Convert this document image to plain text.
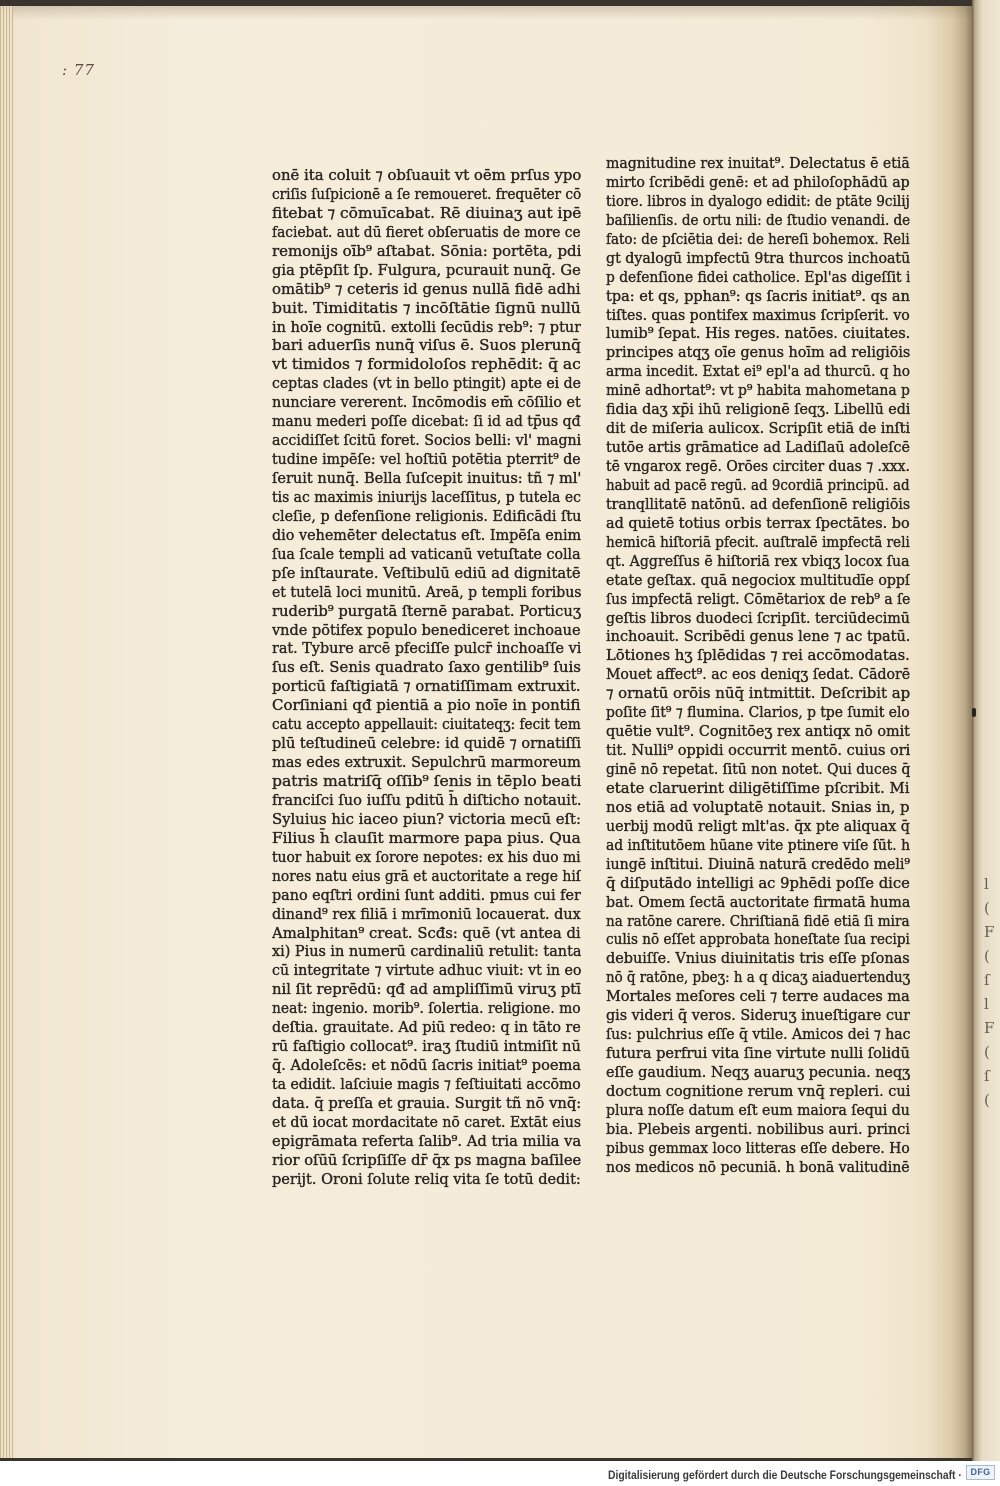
: 77
onē ita coluit ⁊ obſuauit vt oēm prſus ypo
criſis ſuſpicionē a ſe remoueret. frequēter cō
fitebat ⁊ cōmuīcabat. Rē diuinaʒ aut ipē
faciebat. aut dū fieret obſeruatis de more ce
remonijs oīb⁹ aſtabat. Sōnia: portēta, pdi
gia ptēpſit ſp. Fulgura, pcurauit nunq̄. Ge
omātib⁹ ⁊ ceteris id genus nullā fidē adhi
buit. Timiditatis ⁊ incōſtātie ſignū nullū
in hoīe cognitū. extolli ſecūdis reb⁹: ⁊ ptur
bari aduerſis nunq̄ viſus ē. Suos plerunq̄
vt timidos ⁊ formidoloſos rephēdit: q̄ ac
ceptas clades (vt in bello ptingit) apte ei de
nunciare vererent. Incōmodis em̄ cōſilio et
manu mederi poſſe dicebat: ſi id ad tp̄us qđ
accidiſſet ſcitū foret. Socios belli: vl' magni
tudine impēſe: vel hoſtiū potētia pterrit⁹ de
ſeruit nunq̄. Bella ſuſcepit inuitus: tñ ⁊ ml'
tis ac maximis iniurijs laceſſitus, p tutela ec
cleſie, p defenſione religionis. Edificādi ſtu
dio vehemēter delectatus eſt. Impēſa enim
ſua ſcale templi ad vaticanū vetuſtate colla
pſe inſtaurate. Veſtibulū ediū ad dignitatē
et tutelā loci munitū. Areā, p templi foribus
ruderib⁹ purgatā ſternē parabat. Porticuʒ
vnde pōtifex populo benediceret inchoaue
rat. Tybure arcē pfeciſſe pulcr̄ inchoaſſe vi
ſus eſt. Senis quadrato ſaxo gentilib⁹ ſuis
porticū faſtigiatā ⁊ ornatiſſimam extruxit.
Corſiniani qđ pientiā a pio noīe in pontifi
catu accepto appellauit: ciuitateqʒ: fecit tem
plū teſtudineū celebre: id quidē ⁊ ornatiſſi
mas edes extruxit. Sepulchrū marmoreum
patris matriſq̄ oſſib⁹ ſenis in tēplo beati
franciſci ſuo iuſſu pditū h̄ diſticho notauit.
Syluius hic iaceo piun? victoria mecū eſt:
Filius h̄ clauſit marmore papa pius. Qua
tuor habuit ex ſorore nepotes: ex his duo mi
nores natu eius grā et auctoritate a rege hiſ
pano eqſtri ordini ſunt additi. pmus cui fer
dinand⁹ rex filiā i mrīmoniū locauerat. dux
Amalphitan⁹ creat. Scđs: quē (vt antea di
xi) Pius in numerū cardinaliū retulit: tanta
cū integritate ⁊ virtute adhuc viuit: vt in eo
nil ſit reprēdū: qđ ad ampliſſimū viruʒ ptī
neat: ingenio. morib⁹. ſolertia. religione. mo
deſtia. grauitate. Ad piū redeo: q in tāto re
rū faſtigio collocat⁹. iraʒ ſtudiū intmiſit nū
q̄. Adoleſcēs: et nōdū ſacris initiat⁹ poema
ta edidit. laſciuie magis ⁊ feſtiuitati accōmo
data. q̄ preſſa et grauia. Surgit tñ nō vnq̄:
et dū iocat mordacitate nō caret. Extāt eius
epigrāmata referta ſalib⁹. Ad tria milia va
rior oſūū ſcripſiſſe dr̄ q̄x ps magna baſilee
perijt. Oroni ſolute reliq vita ſe totū dedit:
magnitudine rex inuitat⁹. Delectatus ē etiā
mirto ſcribēdi genē: et ad philoſophādū ap
tiore. libros in dyalogo edidit: de ptāte 9cilij
baſilienſis. de ortu nili: de ſtudio venandi. de
fato: de pſciētia dei: de hereſi bohemox. Reli
gt dyalogū impfectū 9tra thurcos inchoatū
p defenſione fidei catholice. Epl'as digeſſit i
tpa: et qs, pphan⁹: qs ſacris initiat⁹. qs an
tiſtes. quas pontifex maximus ſcripſerit. vo
lumib⁹ ſepat. His reges. natōes. ciuitates.
principes atqʒ oīe genus hoīm ad religiōis
arma incedit. Extat ei⁹ epl'a ad thurcū. q ho
minē adhortat⁹: vt p⁹ habita mahometana p
fidia daʒ xp̄i ihū religionē ſeqʒ. Libellū edi
dit de miſeria aulicox. Scripſit etiā de inſti
tutōe artis grāmatice ad Ladiſlaū adoleſcē
tē vngarox regē. Orōes circiter duas ⁊ .xxx.
habuit ad pacē regū. ad 9cordiā principū. ad
tranqllitatē natōnū. ad defenſionē religiōis
ad quietē totius orbis terrax ſpectātes. bo
hemicā hiſtoriā pfecit. auſtralē impfectā reli
qt. Aggreſſus ē hiſtoriā rex vbiqʒ locox ſua
etate geſtax. quā negociox multitudīe oppſ
ſus impfectā religt. Cōmētariox de reb⁹ a ſe
geſtis libros duodeci ſcripſit. terciūdecimū
inchoauit. Scribēdi genus lene ⁊ ac tpatū.
Lōtiones hʒ ſplēdidas ⁊ rei accōmodatas.
Mouet affect⁹. ac eos deniqʒ ſedat. Cādorē
⁊ ornatū orōis nūq̄ intmittit. Deſcribit ap
poſite ſit⁹ ⁊ flumina. Clarios, p tpe ſumit elo
quētie vult⁹. Cognitōeʒ rex antiqx nō omit
tit. Nulli⁹ oppidi occurrit mentō. cuius ori
ginē nō repetat. ſitū non notet. Qui duces q̄
etate claruerint diligētiſſime pſcribit. Mi
nos etiā ad voluptatē notauit. Snias in, p
uerbij modū religt mlt'as. q̄x pte aliquax q̄
ad inſtitutōem hūane vite ptinere viſe ſūt. h
iungē inſtitui. Diuinā naturā credēdo meli⁹
q̄ diſputādo intelligi ac 9phēdi poſſe dice
bat. Omem ſectā auctoritate firmatā huma
na ratōne carere. Chriſtianā fidē etiā ſi mira
culis nō eſſet approbata honeſtate ſua recipi
debuiſſe. Vnius diuinitatis tris eſſe pſonas
nō q̄ ratōne, pbeʒ: h a q dicaʒ aiaduertenduʒ
Mortales meſores celi ⁊ terre audaces ma
gis videri q̄ veros. Sideruʒ inueſtigare cur
ſus: pulchrius eſſe q̄ vtile. Amicos dei ⁊ hac
futura perfrui vita ſine virtute nulli ſolidū
eſſe gaudium. Neqʒ auaruʒ pecunia. neqʒ
doctum cognitione rerum vnq̄ repleri. cui
plura noſſe datum eſt eum maiora ſequi du
bia. Plebeis argenti. nobilibus auri. princi
pibus gemmax loco litteras eſſe debere. Ho
nos medicos nō pecuniā. h bonā valitudinē
l
(
F
(
ſ
l
F
(
ſ
(
Digitalisierung gefördert durch die Deutsche Forschungsgemeinschaft · DFG
